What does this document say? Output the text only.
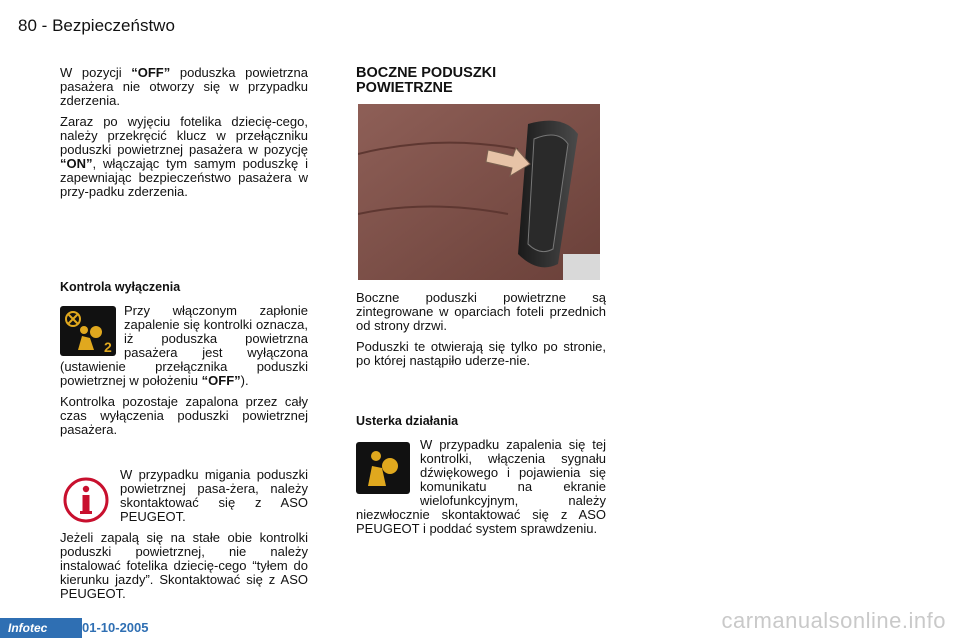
80 - Bezpieczeństwo

W pozycji “OFF” poduszka powietrzna pasażera nie otworzy się w przypadku zderzenia.

Zaraz po wyjęciu fotelika dziecię-cego, należy przekręcić klucz w przełączniku poduszki powietrznej pasażera w pozycję “ON”, włączając tym samym poduszkę i zapewniając bezpieczeństwo pasażera w przy-padku zderzenia.

Kontrola wyłączenia

Przy włączonym zapłonie zapalenie się kontrolki oznacza, iż poduszka powietrzna pasażera jest wyłączona (ustawienie przełącznika poduszki powietrznej w położeniu “OFF”).

Kontrolka pozostaje zapalona przez cały czas wyłączenia poduszki powietrznej pasażera.

2

W przypadku migania poduszki powietrznej pasa-żera, należy skontaktować się z ASO PEUGEOT.

Jeżeli zapalą się na stałe obie kontrolki poduszki powietrznej, nie należy instalować fotelika dziecię-cego “tyłem do kierunku jazdy”. Skontaktować się z ASO PEUGEOT.

BOCZNE PODUSZKI
POWIETRZNE

Boczne poduszki powietrzne są zintegrowane w oparciach foteli przednich od strony drzwi.

Poduszki te otwierają się tylko po stronie, po której nastąpiło uderze-nie.

Usterka działania

W przypadku zapalenia się tej kontrolki, włączenia sygnału dźwiękowego i pojawienia się komunikatu na ekranie wielofunkcyjnym, należy niezwłocznie skontaktować się z ASO PEUGEOT i poddać system sprawdzeniu.

Infotec	01-10-2005	carmanualsonline.info
